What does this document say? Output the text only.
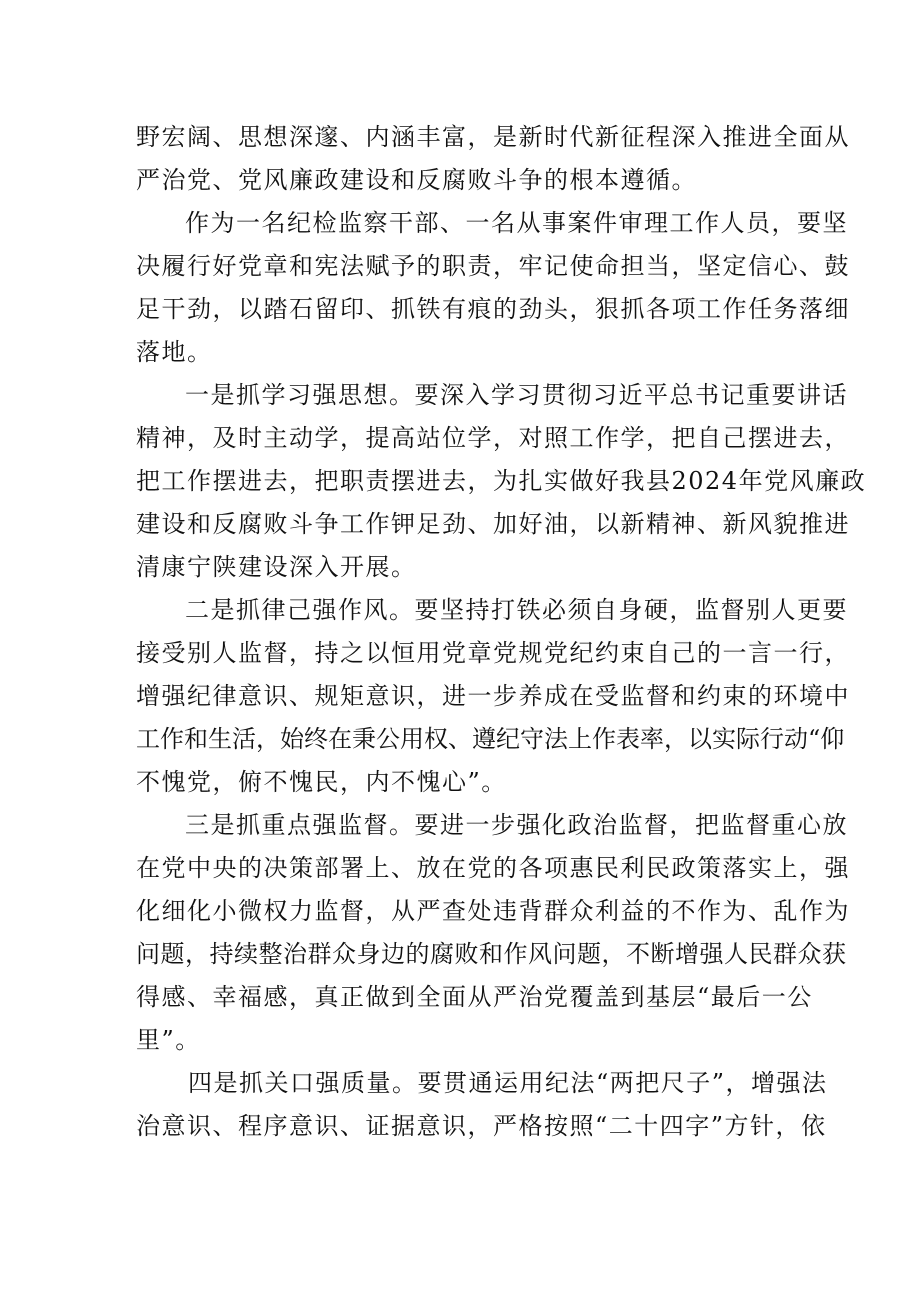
野宏阔、思想深邃、内涵丰富，是新时代新征程深入推进全面从
严治党、党风廉政建设和反腐败斗争的根本遵循。
作为一名纪检监察干部、一名从事案件审理工作人员，要坚
决履行好党章和宪法赋予的职责，牢记使命担当，坚定信心、鼓
足干劲，以踏石留印、抓铁有痕的劲头，狠抓各项工作任务落细
落地。
一是抓学习强思想。要深入学习贯彻习近平总书记重要讲话
精神，及时主动学，提高站位学，对照工作学，把自己摆进去，
把工作摆进去，把职责摆进去，为扎实做好我县2024年党风廉政
建设和反腐败斗争工作钾足劲、加好油，以新精神、新风貌推进
清康宁陕建设深入开展。
二是抓律己强作风。要坚持打铁必须自身硬，监督别人更要
接受别人监督，持之以恒用党章党规党纪约束自己的一言一行，
增强纪律意识、规矩意识，进一步养成在受监督和约束的环境中
工作和生活，始终在秉公用权、遵纪守法上作表率，以实际行动“仰
不愧党，俯不愧民，内不愧心”。
三是抓重点强监督。要进一步强化政治监督，把监督重心放
在党中央的决策部署上、放在党的各项惠民利民政策落实上，强
化细化小微权力监督，从严查处违背群众利益的不作为、乱作为
问题，持续整治群众身边的腐败和作风问题，不断增强人民群众获
得感、幸福感，真正做到全面从严治党覆盖到基层“最后一公
里”。
四是抓关口强质量。要贯通运用纪法“两把尺子”，增强法
治意识、程序意识、证据意识，严格按照“二十四字”方针，依
